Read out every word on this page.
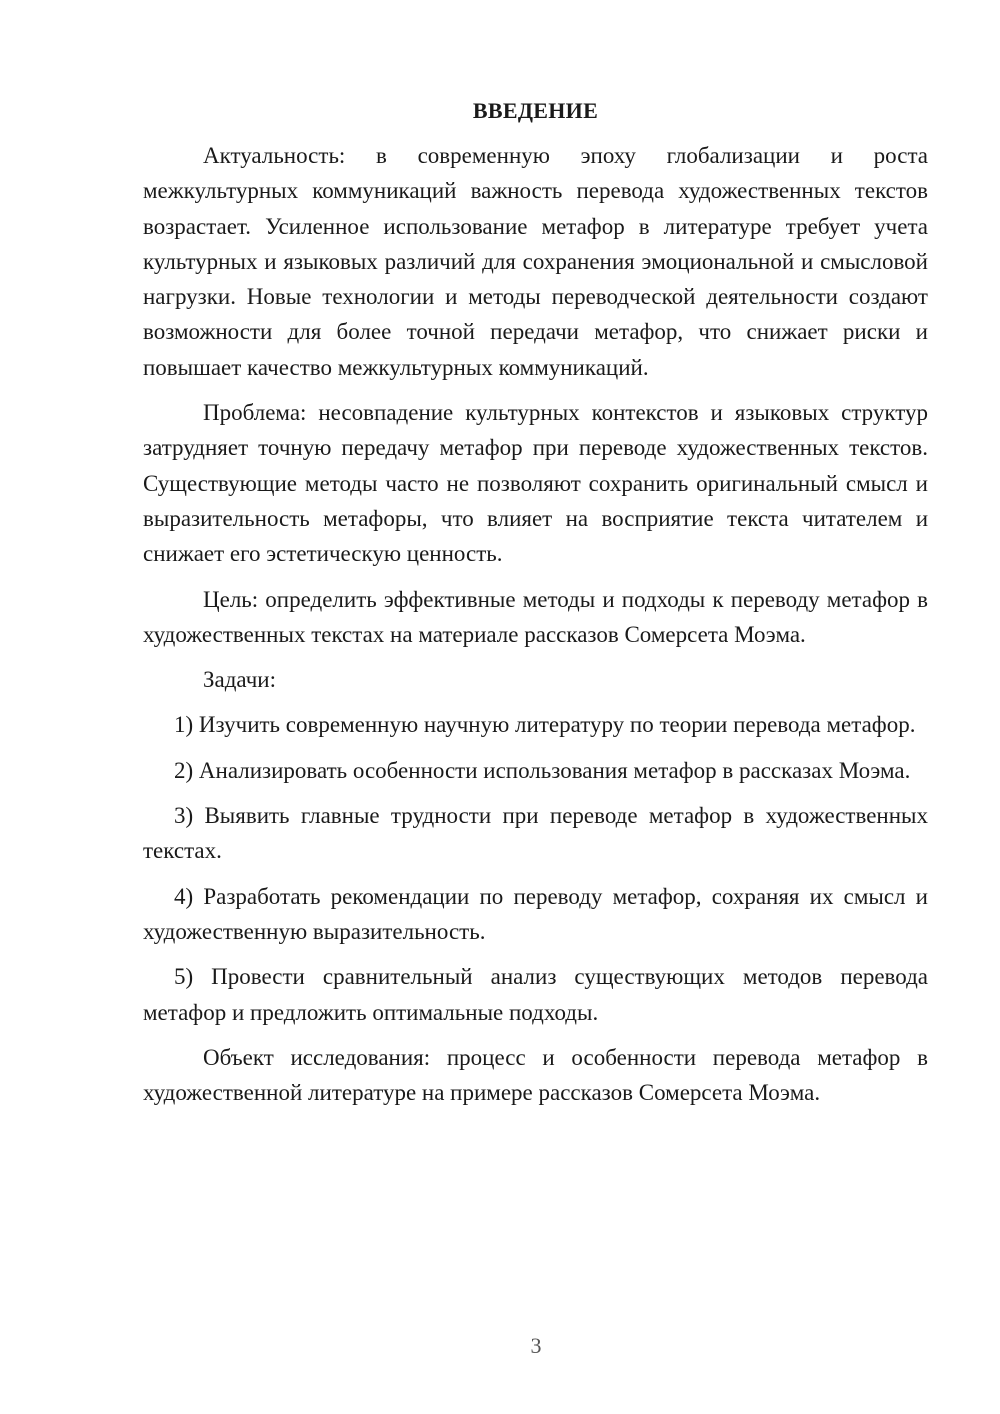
ВВЕДЕНИЕ

Актуальность: в современную эпоху глобализации и роста межкультурных коммуникаций важность перевода художественных текстов возрастает. Усиленное использование метафор в литературе требует учета культурных и языковых различий для сохранения эмоциональной и смысловой нагрузки. Новые технологии и методы переводческой деятельности создают возможности для более точной передачи метафор, что снижает риски и повышает качество межкультурных коммуникаций.

Проблема: несовпадение культурных контекстов и языковых структур затрудняет точную передачу метафор при переводе художественных текстов. Существующие методы часто не позволяют сохранить оригинальный смысл и выразительность метафоры, что влияет на восприятие текста читателем и снижает его эстетическую ценность.

Цель: определить эффективные методы и подходы к переводу метафор в художественных текстах на материале рассказов Сомерсета Моэма.

Задачи:

1) Изучить современную научную литературу по теории перевода метафор.

2) Анализировать особенности использования метафор в рассказах Моэма.

3) Выявить главные трудности при переводе метафор в художественных текстах.

4) Разработать рекомендации по переводу метафор, сохраняя их смысл и художественную выразительность.

5) Провести сравнительный анализ существующих методов перевода метафор и предложить оптимальные подходы.

Объект исследования: процесс и особенности перевода метафор в художественной литературе на примере рассказов Сомерсета Моэма.

3
